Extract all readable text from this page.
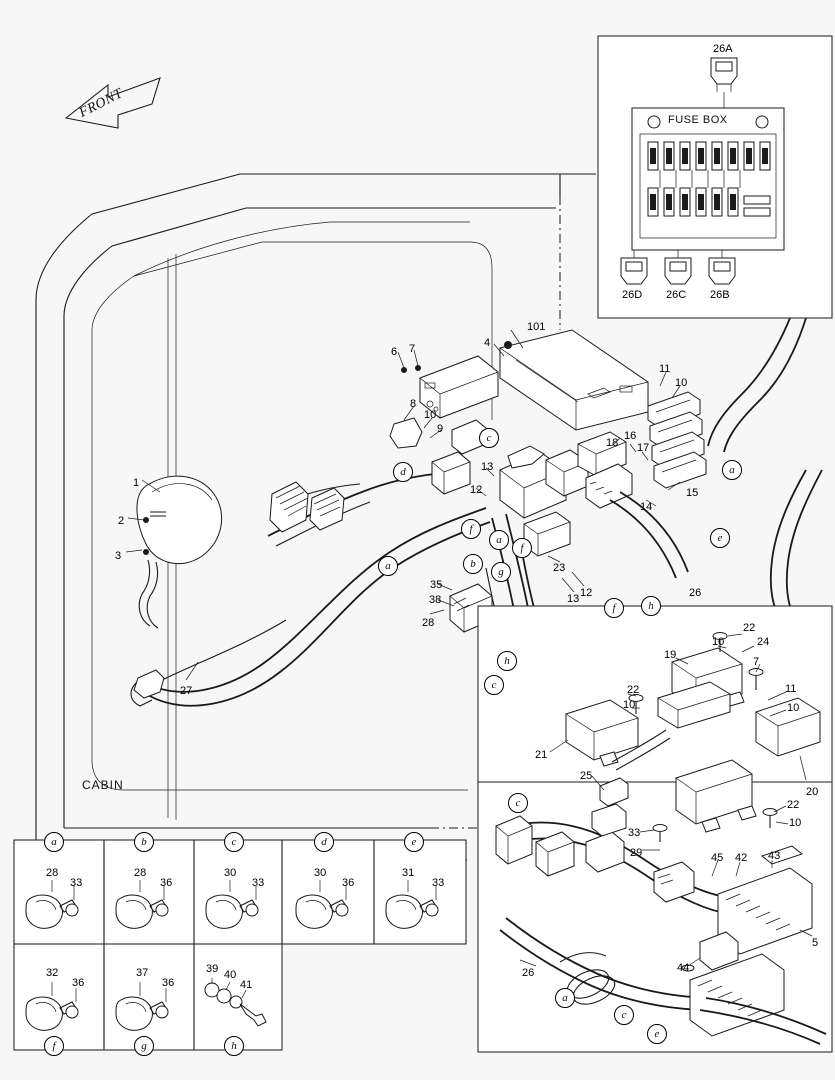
FRONT
CABIN
FUSE BOX
26A
26D 26C 26B
1
2
3
4
6 7
8
9
10
101
11
10
13
12
18
16
17
15
14
23
12
13	26
35
38
28
27
19
22
24
10
7
11
10
22
10
21
25
20
22
10
33
29	45 42 43
44
5
26
c
d	a
e
f
a
f
b
g
a
f	h
h
c
c
a
c
e
a	b	c	d	e
f	g	h
28
33
28
36
30
33
30
36
31
33
32
36
37
36
39 40
41
